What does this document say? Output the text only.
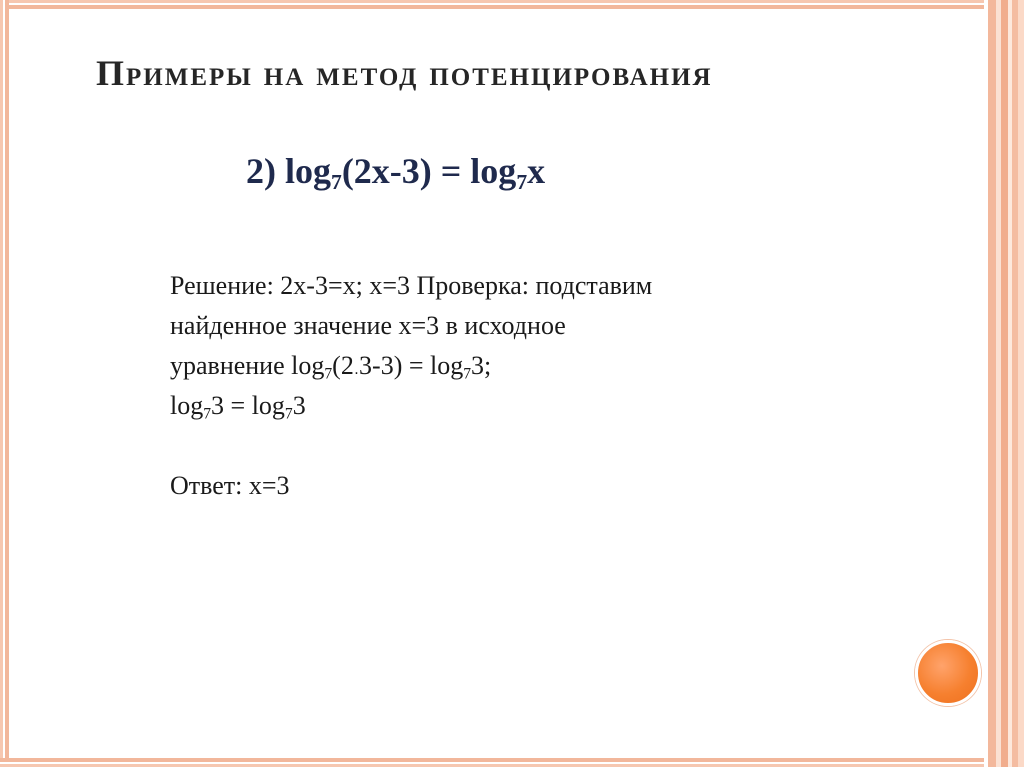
Примеры на метод потенцирования
2) $\log_7(2x-3) = \log_7x$
Решение: 2x-3=x; x=3 Проверка: подставим
найденное значение x=3 в исходное
уравнение $\log_7(2_\cdot 3-3) = \log_73$;
$\log_73 = \log_73$
Ответ: x=3
